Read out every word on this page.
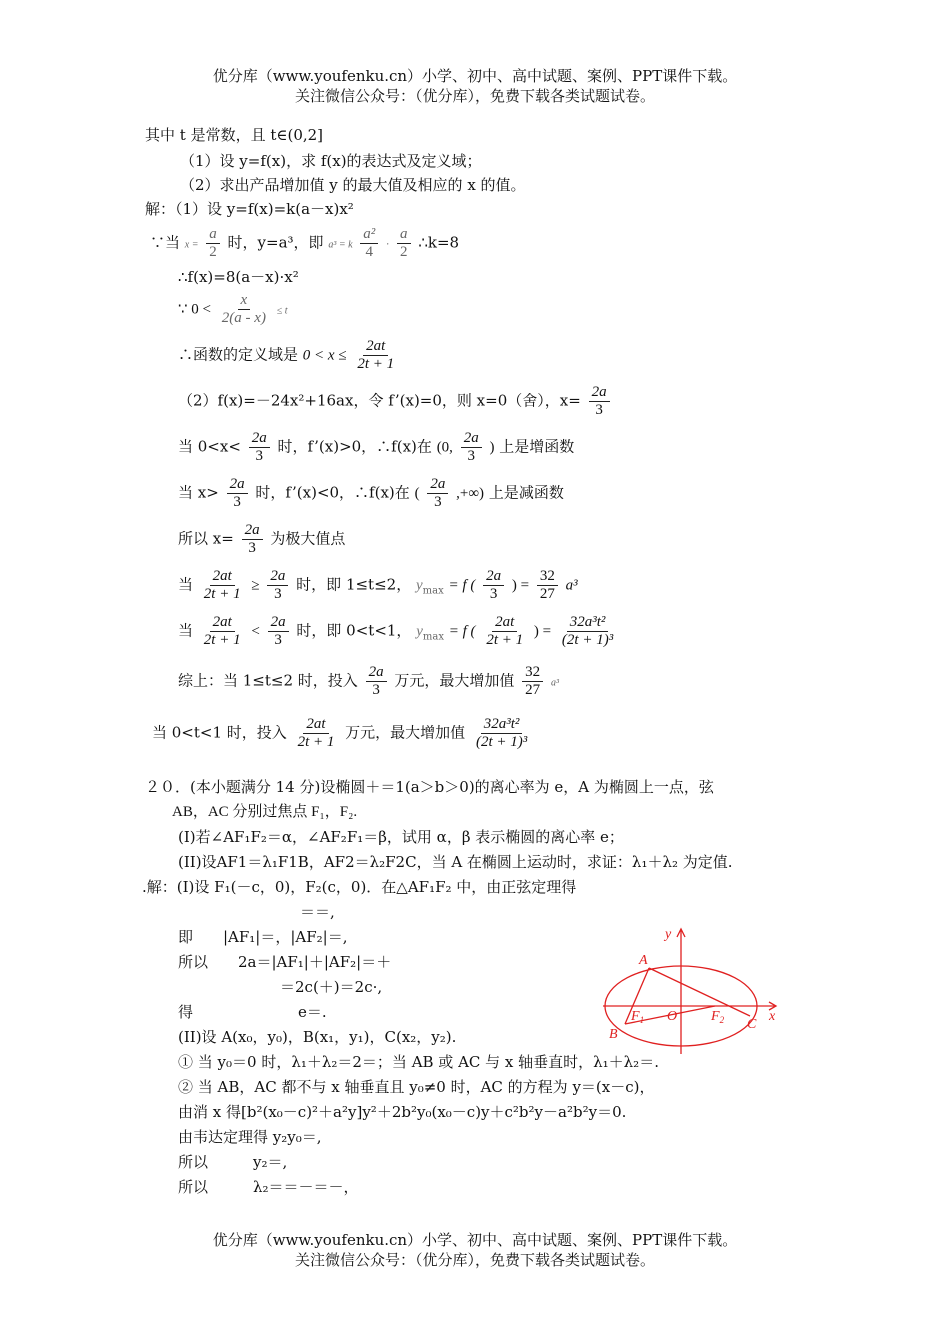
优分库（www.youfenku.cn）小学、初中、高中试题、案例、PPT课件下载。
关注微信公众号：（优分库），免费下载各类试题试卷。
其中 t 是常数，且 t∈(0,2]
（1）设 y=f(x)，求 f(x)的表达式及定义域；
（2）求出产品增加值 y 的最大值及相应的 x 的值。
解：（1）设 y=f(x)=k(a－x)x²
∵当 $x = \frac{a}{2}$ 时，y=a³，即 a³ = k $\frac{\text{a²}}{4} \cdot \frac{a}{2}$ ∴k=8
∴f(x)=8(a－x)·x²
∵ $0 < \frac{x}{2(a - x)} \le t$
∴函数的定义域是 $0 < x \le \frac{2at}{2t + 1}$
（2）f(x)=－24x²+16ax，令 f’(x)=0，则 x=0（舍），$x= \frac{2a}{3}$
当 $0<x< \frac{2a}{3}$ 时，f’(x)>0，∴f(x)在 (0, $\frac{2a}{3}$ ) 上是增函数
当 $x> \frac{2a}{3}$ 时，f’(x)<0，∴f(x)在 ( $\frac{2a}{3}$ ,+∞) 上是减函数
所以 $x= \frac{2a}{3}$ 为极大值点
当 $\frac{2at}{2t + 1} \ge \frac{2a}{3}$ 时，即 1≤t≤2， $y_{max} = f$ ( $\frac{2a}{3}$ ) = $\frac{32}{27} a^3$
当 $\frac{2at}{2t + 1} < \frac{2a}{3}$ 时，即 0<t<1， $y_{max} = f$ ( $\frac{2at}{2t + 1}$ ) = $\frac{\text{32a³t²}}{\text{(2t + 1)³}}$
综上：当 1≤t≤2 时，投入 $\frac{2a}{3}$ 万元，最大增加值 $\frac{32}{27} a^3$
当 0<t<1 时，投入 $\frac{2at}{2t + 1}$ 万元，最大增加值 $\frac{\text{32a³t²}}{\text{(2t + 1)³}}$
２０．(本小题满分 14 分)设椭圆＋＝1(a＞b＞0)的离心率为 e，A 为椭圆上一点，弦
AB，AC 分别过焦点 F₁，F₂.
(Ⅰ)若∠AF₁F₂＝α，∠AF₂F₁＝β，试用 α，β 表示椭圆的离心率 e；
(II)设AF1＝λ₁F1B，AF2＝λ₂F2C，当 A 在椭圆上运动时，求证：λ₁＋λ₂ 为定值.
.解：(Ⅰ)设 F₁(－c，0)，F₂(c，0)．在△AF₁F₂ 中，由正弦定理得
＝＝,
即　　|AF₁|＝，|AF₂|＝,
所以　　2a＝|AF₁|＋|AF₂|＝＋
＝2c(＋)＝2c·,
得　　　　　　　e＝.
(II)设 A(x₀，y₀)，B(x₁，y₁)，C(x₂，y₂).
① 当 y₀＝0 时，λ₁＋λ₂＝2＝；当 AB 或 AC 与 x 轴垂直时，λ₁＋λ₂＝.
② 当 AB，AC 都不与 x 轴垂直且 y₀≠0 时，AC 的方程为 y＝(x－c)，
由消 x 得[b²(x₀－c)²＋a²y]y²＋2b²y₀(x₀－c)y＋c²b²y－a²b²y＝0.
由韦达定理得 y₂y₀＝,
所以　　　y₂＝,
所以　　　λ₂＝＝－＝－，
y
x
A
B
C
O
$F_1$	$F_2$
优分库（www.youfenku.cn）小学、初中、高中试题、案例、PPT课件下载。
关注微信公众号：（优分库），免费下载各类试题试卷。
